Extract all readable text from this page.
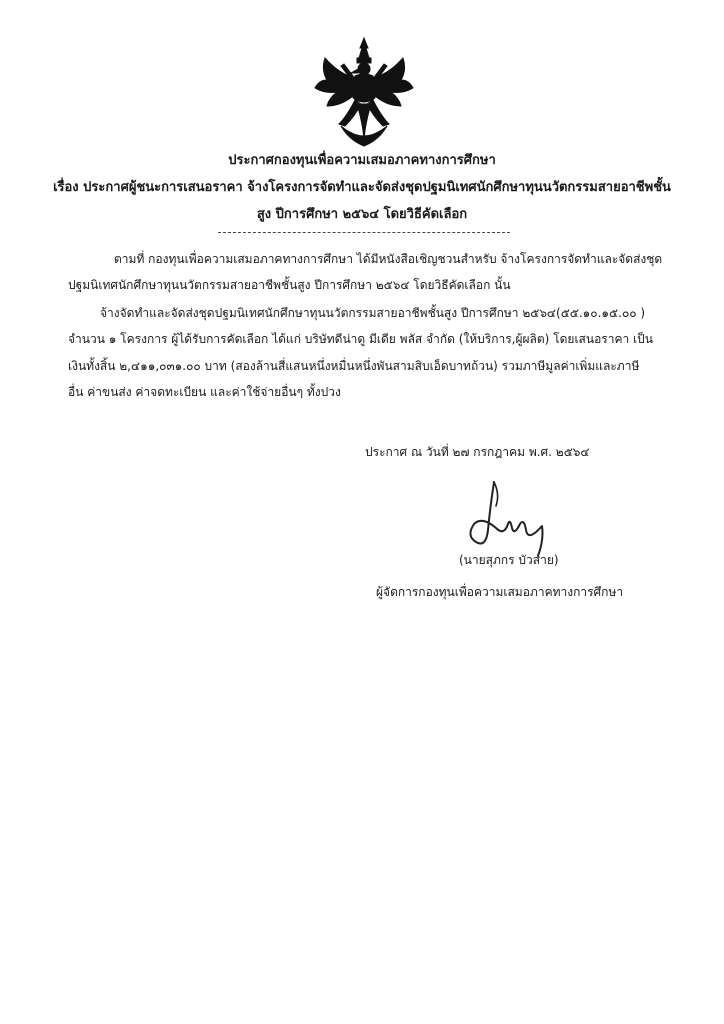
ประกาศกองทุนเพื่อความเสมอภาคทางการศึกษา
เรื่อง ประกาศผู้ชนะการเสนอราคา จ้างโครงการจัดทำและจัดส่งชุดปฐมนิเทศนักศึกษาทุนนวัตกรรมสายอาชีพชั้น
สูง ปีการศึกษา ๒๕๖๔ โดยวิธีคัดเลือก
ตามที่ กองทุนเพื่อความเสมอภาคทางการศึกษา ได้มีหนังสือเชิญชวนสำหรับ จ้างโครงการจัดทำและจัดส่งชุด
ปฐมนิเทศนักศึกษาทุนนวัตกรรมสายอาชีพชั้นสูง ปีการศึกษา ๒๕๖๔ โดยวิธีคัดเลือก นั้น
จ้างจัดทำและจัดส่งชุดปฐมนิเทศนักศึกษาทุนนวัตกรรมสายอาชีพชั้นสูง ปีการศึกษา ๒๕๖๔(๕๕.๑๐.๑๕.๐๐ )
จำนวน ๑ โครงการ ผู้ได้รับการคัดเลือก ได้แก่ บริษัทดีน่าดู มีเดีย พลัส จำกัด (ให้บริการ,ผู้ผลิต) โดยเสนอราคา เป็น
เงินทั้งสิ้น ๒,๔๑๑,๐๓๑.๐๐ บาท (สองล้านสี่แสนหนึ่งหมื่นหนึ่งพันสามสิบเอ็ดบาทถ้วน) รวมภาษีมูลค่าเพิ่มและภาษี
อื่น ค่าขนส่ง ค่าจดทะเบียน และค่าใช้จ่ายอื่นๆ ทั้งปวง
ประกาศ ณ วันที่ ๒๗ กรกฎาคม พ.ศ. ๒๕๖๔
(นายสุภกร บัวสาย)
ผู้จัดการกองทุนเพื่อความเสมอภาคทางการศึกษา
